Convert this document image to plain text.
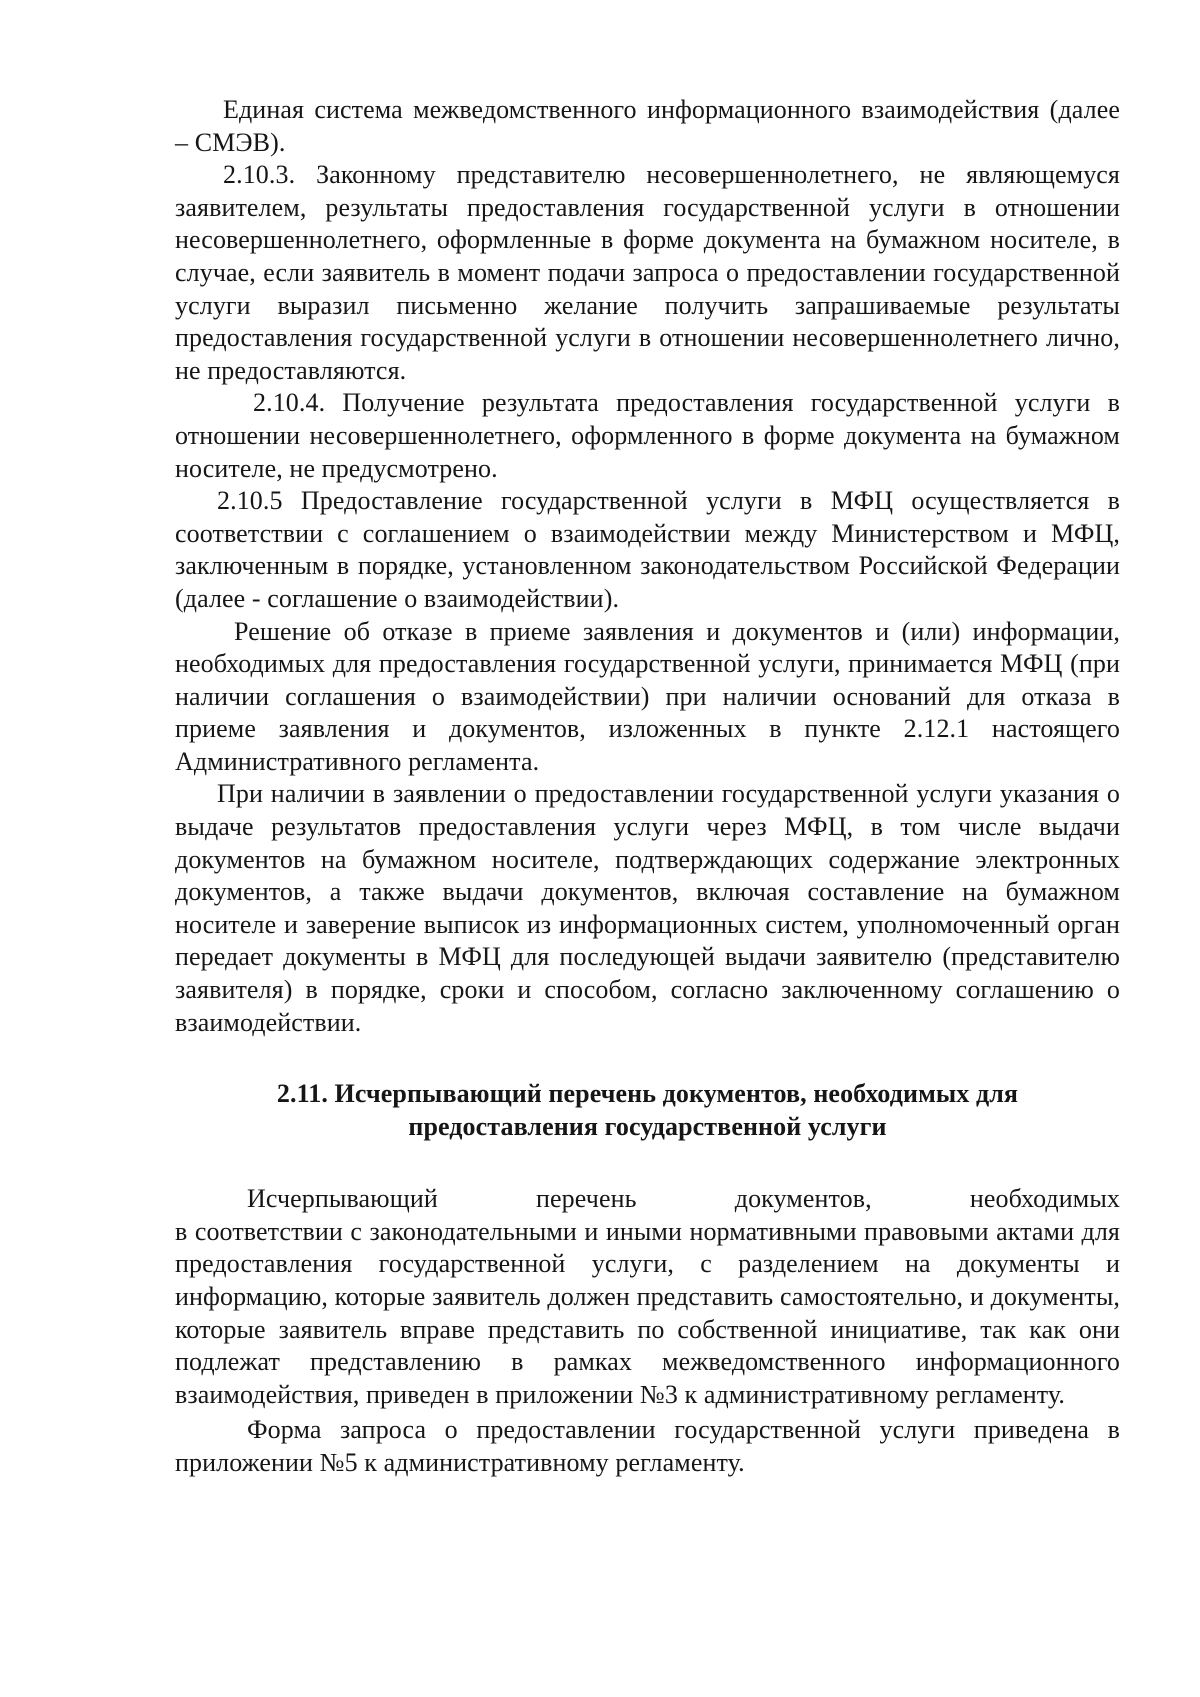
Единая система межведомственного информационного взаимодействия (далее – СМЭВ).

2.10.3. Законному представителю несовершеннолетнего, не являющемуся заявителем, результаты предоставления государственной услуги в отношении несовершеннолетнего, оформленные в форме документа на бумажном носителе, в случае, если заявитель в момент подачи запроса о предоставлении государственной услуги выразил письменно желание получить запрашиваемые результаты предоставления государственной услуги в отношении несовершеннолетнего лично, не предоставляются.

2.10.4. Получение результата предоставления государственной услуги в отношении несовершеннолетнего, оформленного в форме документа на бумажном носителе, не предусмотрено.

2.10.5 Предоставление государственной услуги в МФЦ осуществляется в соответствии с соглашением о взаимодействии между Министерством и МФЦ, заключенным в порядке, установленном законодательством Российской Федерации (далее - соглашение о взаимодействии).

Решение об отказе в приеме заявления и документов и (или) информации, необходимых для предоставления государственной услуги, принимается МФЦ (при наличии соглашения о взаимодействии) при наличии оснований для отказа в приеме заявления и документов, изложенных в пункте 2.12.1 настоящего Административного регламента.

При наличии в заявлении о предоставлении государственной услуги указания о выдаче результатов предоставления услуги через МФЦ, в том числе выдачи документов на бумажном носителе, подтверждающих содержание электронных документов, а также выдачи документов, включая составление на бумажном носителе и заверение выписок из информационных систем, уполномоченный орган передает документы в МФЦ для последующей выдачи заявителю (представителю заявителя) в порядке, сроки и способом, согласно заключенному соглашению о взаимодействии.

2.11. Исчерпывающий перечень документов, необходимых для
предоставления государственной услуги

Исчерпывающий перечень документов, необходимых

в соответствии с законодательными и иными нормативными правовыми актами для предоставления государственной услуги, с разделением на документы и информацию, которые заявитель должен представить самостоятельно, и документы, которые заявитель вправе представить по собственной инициативе, так как они подлежат представлению в рамках межведомственного информационного взаимодействия, приведен в приложении №3 к административному регламенту.

Форма запроса о предоставлении государственной услуги приведена в приложении №5 к административному регламенту.
